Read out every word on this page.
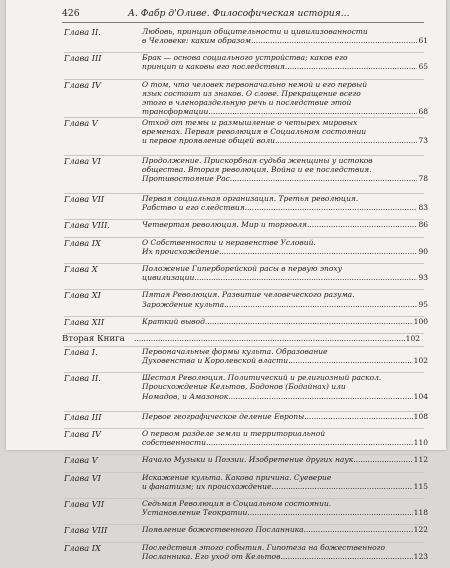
426	А. Фабр д'Оливе. Философическая история...
Глава II.	Любовь, принцип общительности и цивилизованности
в Человеке: каким образом .....	61
Глава III	Брак — основа социального устройства; каков его
принцип и каковы его последствия .....	65
Глава IV	О том, что человек первоначально немой и его первый
язык состоит из знаков. О слове. Прекращение всего
этого в членораздельную речь и последствие этой
трансформации .....	68
Глава V	Отход от темы и размышление о четырех мировых
временах. Первая революция в Социальном состоянии
и первое проявление общей воли .....	73
Глава VI	Продолжение. Прискорбная судьба женщины у истоков
общества. Вторая революция. Война и ее последствия.
Противостояние Рас .....	78
Глава VII	Первая социальная организация. Третья революция.
Рабство и его следствия .....	83
Глава VIII.	Четвертая революция. Мир и торговля .....	86
Глава IX	О Собственности и неравенстве Условий.
Их происхождение .....	90
Глава X	Положение Гиперборейской расы в первую эпоху
цивилизации .....	93
Глава XI	Пятая Революция. Развитие человеческого разума.
Зарождение культа .....	95
Глава XII	Краткий вывод .....	100
Вторая Книга .....	102
Глава I.	Первоначальные формы культа. Образование
Духовенства и Королевской власти .....	102
Глава II.	Шестая Революция. Политический и религиозный раскол.
Происхождение Кельтов, Бодонов (Бодайнах) или
Номадов, и Амазонок .....	104
Глава III	Первое географическое деление Европы .....	108
Глава IV	О первом разделе земли и территориальной
собственности .....	110
Глава V	Начало Музыки и Поэзии. Изобретение других наук .....	112
Глава VI	Искажение культа. Какова причина. Суеверие
и фанатизм; их происхождение .....	115
Глава VII	Седьмая Революция в Социальном состоянии.
Установление Теократии .....	118
Глава VIII	Появление божественного Посланника .....	122
Глава IX	Последствия этого события. Гипотеза на божественного
Посланника. Его уход от Кельтов .....	123
